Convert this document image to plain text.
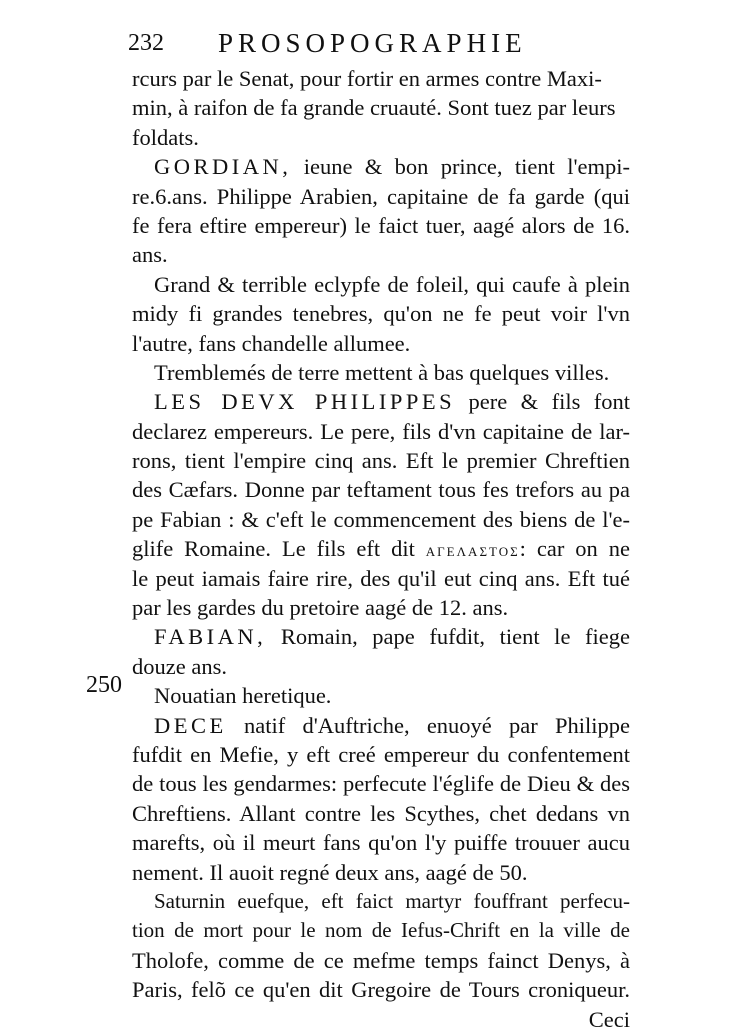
232 PROSOPOGRAPHIE
250
rcurs par le Senat, pour fortir en armes contre Maxi-
min, à raifon de fa grande cruauté. Sont tuez par leurs
foldats.
GORDIAN, ieune & bon prince, tient l'empi-
re.6.ans. Philippe Arabien, capitaine de fa garde (qui
fe fera eftire empereur) le faict tuer, aagé alors de 16.
ans.
Grand & terrible eclypfe de foleil, qui caufe à plein
midy fi grandes tenebres, qu'on ne fe peut voir l'vn
l'autre, fans chandelle allumee.
Tremblemés de terre mettent à bas quelques villes.
LES DEVX PHILIPPES pere & fils font
declarez empereurs. Le pere, fils d'vn capitaine de lar-
rons, tient l'empire cinq ans. Eft le premier Chreftien
des Cæfars. Donne par teftament tous fes trefors au pa
pe Fabian : & c'eft le commencement des biens de l'e-
glife Romaine. Le fils eft dit ΑΓΕΛΑΣΤΟΣ: car on ne
le peut iamais faire rire, des qu'il eut cinq ans. Eft tué
par les gardes du pretoire aagé de 12. ans.
FABIAN, Romain, pape fufdit, tient le fiege
douze ans.
Nouatian heretique.
DECE natif d'Auftriche, enuoyé par Philippe
fufdit en Mefie, y eft creé empereur du confentement
de tous les gendarmes: perfecute l'églife de Dieu & des
Chreftiens. Allant contre les Scythes, chet dedans vn
marefts, où il meurt fans qu'on l'y puiffe trouuer aucu
nement. Il auoit regné deux ans, aagé de 50.
Saturnin euefque, eft faict martyr fouffrant perfecu-
tion de mort pour le nom de Iefus-Chrift en la ville de
Tholofe, comme de ce mefme temps fainct Denys, à
Paris, felõ ce qu'en dit Gregoire de Tours croniqueur.
Ceci
